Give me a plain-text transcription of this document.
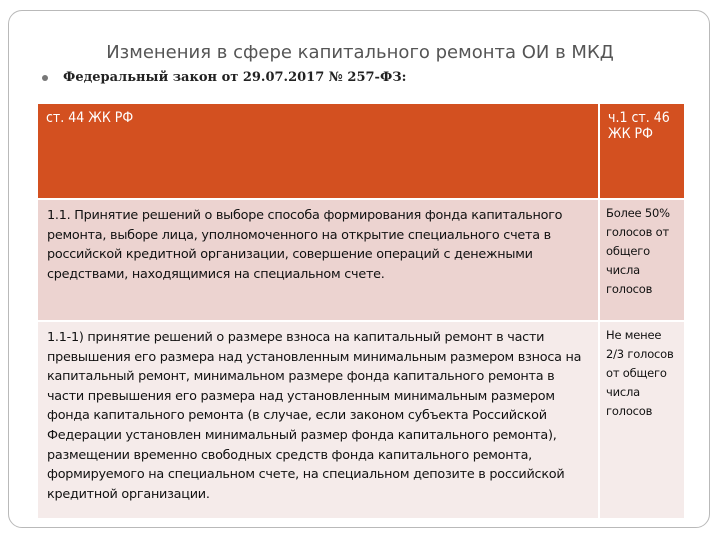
Изменения в сфере капитального ремонта ОИ в МКД
Федеральный закон от 29.07.2017 № 257-ФЗ:
ст. 44 ЖК РФ	ч.1 ст. 46 ЖК РФ
1.1. Принятие решений о выборе способа формирования фонда капитального ремонта, выборе лица, уполномоченного на открытие специального счета в российской кредитной организации, совершение операций с денежными средствами, находящимися на специальном счете.	Более 50% голосов от общего числа голосов
1.1-1) принятие решений о размере взноса на капитальный ремонт в части превышения его размера над установленным минимальным размером взноса на капитальный ремонт, минимальном размере фонда капитального ремонта в части превышения его размера над установленным минимальным размером фонда капитального ремонта (в случае, если законом субъекта Российской Федерации установлен минимальный размер фонда капитального ремонта), размещении временно свободных средств фонда капитального ремонта, формируемого на специальном счете, на специальном депозите в российской кредитной организации.	Не менее 2/3 голосов от общего числа голосов
